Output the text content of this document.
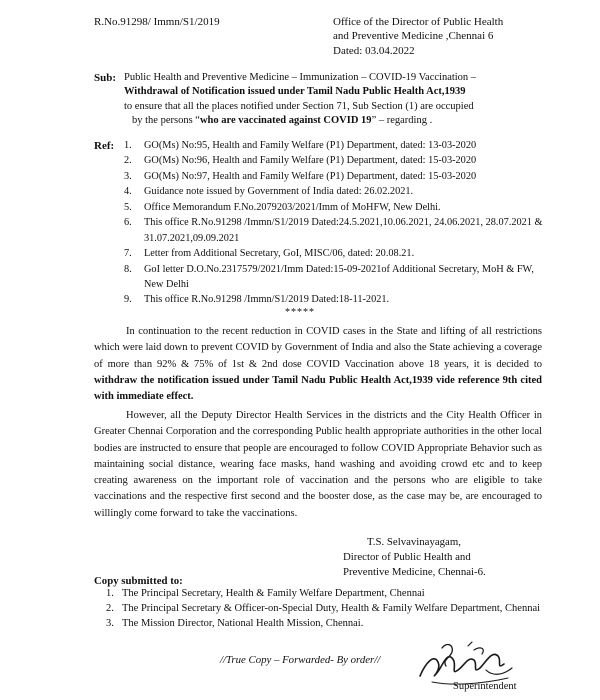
R.No.91298/ Immn/S1/2019	Office of the Director of Public Health
and Preventive Medicine ,Chennai 6
Dated: 03.04.2022
Sub: Public Health and Preventive Medicine – Immunization – COVID-19 Vaccination –

Withdrawal of Notification issued under Tamil Nadu Public Health Act,1939

to ensure that all the places notified under Section 71, Sub Section (1) are occupied

by the persons “who are vaccinated against COVID 19” – regarding .

Ref: 1. GO(Ms) No:95, Health and Family Welfare (P1) Department, dated: 13-03-2020
2. GO(Ms) No:96, Health and Family Welfare (P1) Department, dated: 15-03-2020
3. GO(Ms) No:97, Health and Family Welfare (P1) Department, dated: 15-03-2020
4. Guidance note issued by Government of India dated: 26.02.2021.
5. Office Memorandum F.No.2079203/2021/Imm of MoHFW, New Delhi.
6. This office R.No.91298 /Immn/S1/2019 Dated:24.5.2021,10.06.2021, 24.06.2021, 28.07.2021 & 31.07.2021,09.09.2021
7. Letter from Additional Secretary, GoI, MISC/06, dated: 20.08.21.
8. GoI letter D.O.No.2317579/2021/Imm Dated:15-09-2021of Additional Secretary, MoH & FW, New Delhi
9. This office R.No.91298 /Immn/S1/2019 Dated:18-11-2021.
*****

In continuation to the recent reduction in COVID cases in the State and lifting of all restrictions which were laid down to prevent COVID by Government of India and also the State achieving a coverage of more than 92% & 75% of 1st & 2nd dose COVID Vaccination above 18 years, it is decided to withdraw the notification issued under Tamil Nadu Public Health Act,1939 vide reference 9th cited with immediate effect.

However, all the Deputy Director Health Services in the districts and the City Health Officer in Greater Chennai Corporation and the corresponding Public health appropriate authorities in the other local bodies are instructed to ensure that people are encouraged to follow COVID Appropriate Behavior such as maintaining social distance, wearing face masks, hand washing and avoiding crowd etc and to keep creating awareness on the important role of vaccination and the persons who are eligible to take vaccinations and the respective first second and the booster dose, as the case may be, are encouraged to willingly come forward to take the vaccinations.

T.S. Selvavinayagam,
Director of Public Health and
Preventive Medicine, Chennai-6.
Copy submitted to:
1. The Principal Secretary, Health & Family Welfare Department, Chennai
2. The Principal Secretary & Officer-on-Special Duty, Health & Family Welfare Department, Chennai
3. The Mission Director, National Health Mission, Chennai.
//True Copy – Forwarded- By order//
Superintendent
